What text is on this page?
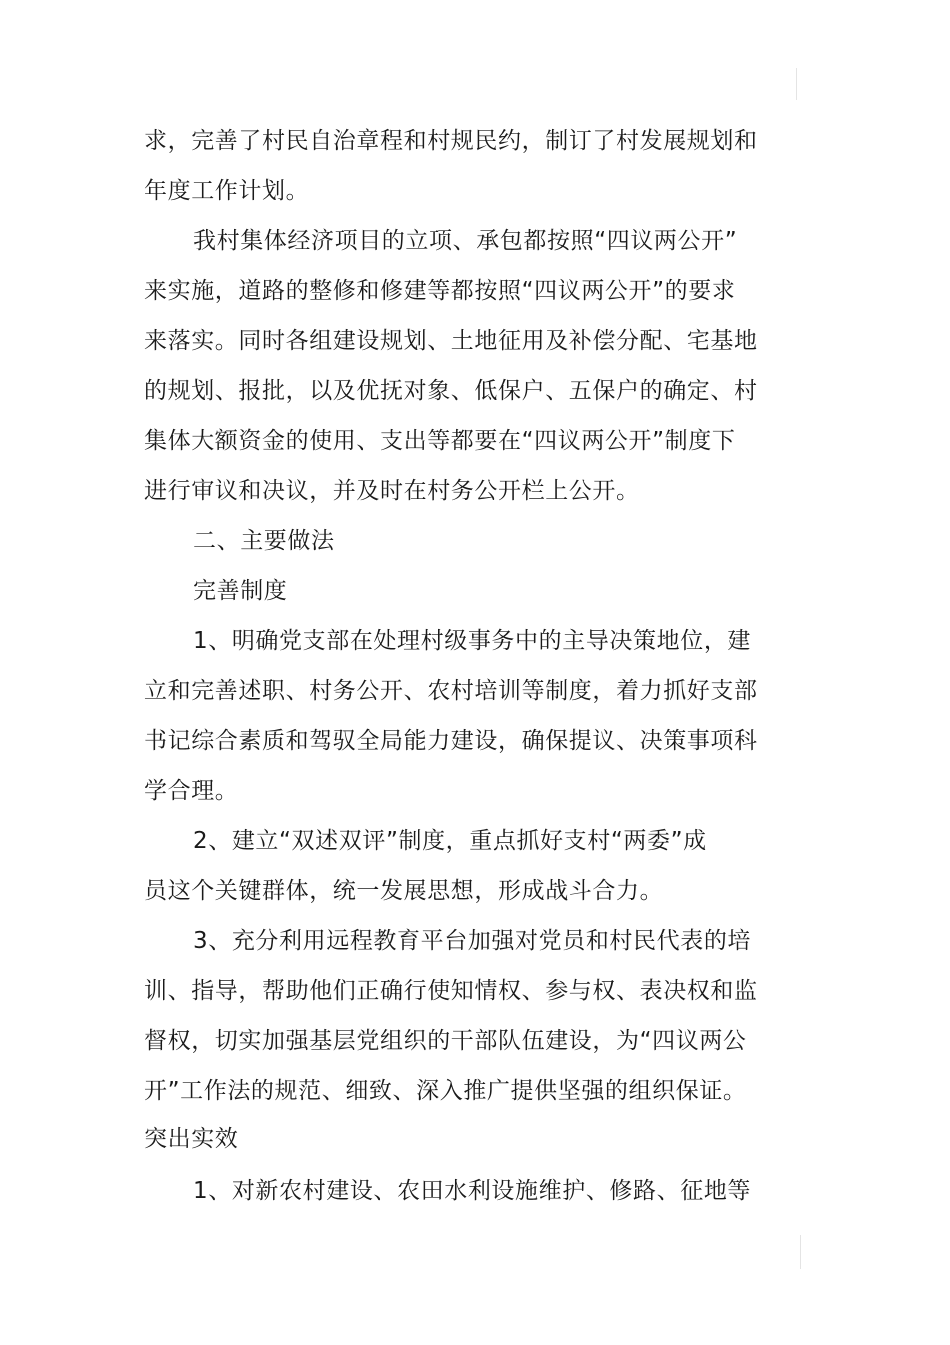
求，完善了村民自治章程和村规民约，制订了村发展规划和
年度工作计划。
我村集体经济项目的立项、承包都按照“四议两公开”
来实施，道路的整修和修建等都按照“四议两公开”的要求
来落实。同时各组建设规划、土地征用及补偿分配、宅基地
的规划、报批，以及优抚对象、低保户、五保户的确定、村
集体大额资金的使用、支出等都要在“四议两公开”制度下
进行审议和决议，并及时在村务公开栏上公开。
二、主要做法
完善制度
1、明确党支部在处理村级事务中的主导决策地位，建
立和完善述职、村务公开、农村培训等制度，着力抓好支部
书记综合素质和驾驭全局能力建设，确保提议、决策事项科
学合理。
2、建立“双述双评”制度，重点抓好支村“两委”成
员这个关键群体，统一发展思想，形成战斗合力。
3、充分利用远程教育平台加强对党员和村民代表的培
训、指导，帮助他们正确行使知情权、参与权、表决权和监
督权，切实加强基层党组织的干部队伍建设，为“四议两公
开”工作法的规范、细致、深入推广提供坚强的组织保证。
突出实效
1、对新农村建设、农田水利设施维护、修路、征地等
